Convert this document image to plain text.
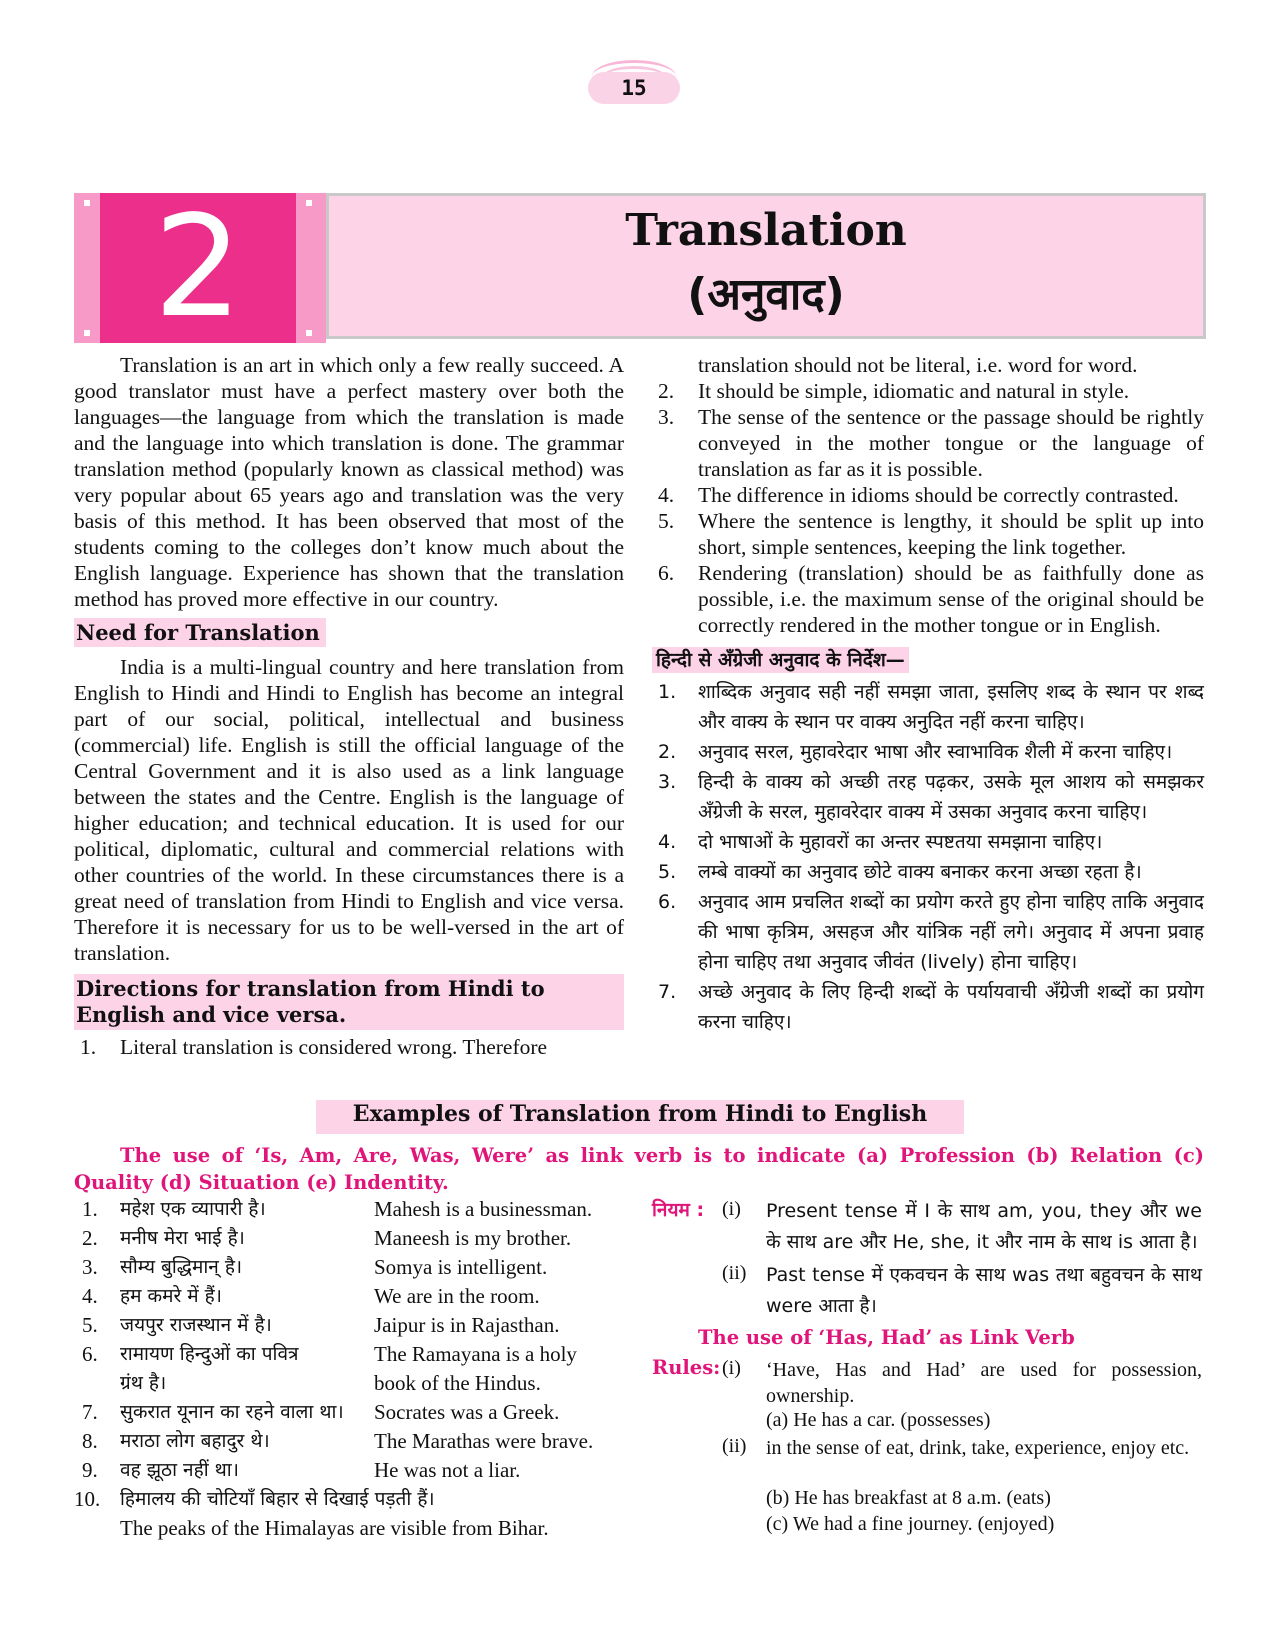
15
2	Translation
(अनुवाद)
Translation is an art in which only a few really succeed. A good translator must have a perfect mastery over both the languages—the language from which the translation is made and the language into which translation is done. The grammar translation method (popularly known as classical method) was very popular about 65 years ago and translation was the very basis of this method. It has been observed that most of the students coming to the colleges don’t know much about the English language. Experience has shown that the translation method has proved more effective in our country.
Need for Translation
India is a multi-lingual country and here translation from English to Hindi and Hindi to English has become an integral part of our social, political, intellectual and business (commercial) life. English is still the official language of the Central Government and it is also used as a link language between the states and the Centre. English is the language of higher education; and technical education. It is used for our political, diplomatic, cultural and commercial relations with other countries of the world. In these circumstances there is a great need of translation from Hindi to English and vice versa. Therefore it is necessary for us to be well-versed in the art of translation.
Directions for translation from Hindi to English and vice versa.
1. Literal translation is considered wrong. Therefore
translation should not be literal, i.e. word for word.
2. It should be simple, idiomatic and natural in style.
3. The sense of the sentence or the passage should be rightly conveyed in the mother tongue or the language of translation as far as it is possible.
4. The difference in idioms should be correctly contrasted.
5. Where the sentence is lengthy, it should be split up into short, simple sentences, keeping the link together.
6. Rendering (translation) should be as faithfully done as possible, i.e. the maximum sense of the original should be correctly rendered in the mother tongue or in English.
हिन्दी से अँग्रेजी अनुवाद के निर्देश—
1. शाब्दिक अनुवाद सही नहीं समझा जाता, इसलिए शब्द के स्थान पर शब्द और वाक्य के स्थान पर वाक्य अनुदित नहीं करना चाहिए।
2. अनुवाद सरल, मुहावरेदार भाषा और स्वाभाविक शैली में करना चाहिए।
3. हिन्दी के वाक्य को अच्छी तरह पढ़कर, उसके मूल आशय को समझकर अँग्रेजी के सरल, मुहावरेदार वाक्य में उसका अनुवाद करना चाहिए।
4. दो भाषाओं के मुहावरों का अन्तर स्पष्टतया समझाना चाहिए।
5. लम्बे वाक्यों का अनुवाद छोटे वाक्य बनाकर करना अच्छा रहता है।
6. अनुवाद आम प्रचलित शब्दों का प्रयोग करते हुए होना चाहिए ताकि अनुवाद की भाषा कृत्रिम, असहज और यांत्रिक नहीं लगे। अनुवाद में अपना प्रवाह होना चाहिए तथा अनुवाद जीवंत (lively) होना चाहिए।
7. अच्छे अनुवाद के लिए हिन्दी शब्दों के पर्यायवाची अँग्रेजी शब्दों का प्रयोग करना चाहिए।
Examples of Translation from Hindi to English
The use of ‘Is, Am, Are, Was, Were’ as link verb is to indicate (a) Profession (b) Relation (c) Quality (d) Situation (e) Indentity.
1. महेश एक व्यापारी है।	Mahesh is a businessman.
2. मनीष मेरा भाई है।	Maneesh is my brother.
3. सौम्य बुद्धिमान् है।	Somya is intelligent.
4. हम कमरे में हैं।	We are in the room.
5. जयपुर राजस्थान में है।	Jaipur is in Rajasthan.
6. रामायण हिन्दुओं का पवित्र	The Ramayana is a holy
ग्रंथ है।	book of the Hindus.
7. सुकरात यूनान का रहने वाला था। Socrates was a Greek.
8. मराठा लोग बहादुर थे।	The Marathas were brave.
9. वह झूठा नहीं था।	He was not a liar.
10. हिमालय की चोटियाँ बिहार से दिखाई पड़ती हैं।
The peaks of the Himalayas are visible from Bihar.
नियम : (i) Present tense में I के साथ am, you, they और we के साथ are और He, she, it और नाम के साथ is आता है।
(ii) Past tense में एकवचन के साथ was तथा बहुवचन के साथ were आता है।
The use of ‘Has, Had’ as Link Verb
Rules: (i) ‘Have, Has and Had’ are used for possession, ownership.
(a) He has a car. (possesses)
(ii) in the sense of eat, drink, take, experience, enjoy etc.
(b) He has breakfast at 8 a.m. (eats)
(c) We had a fine journey. (enjoyed)
